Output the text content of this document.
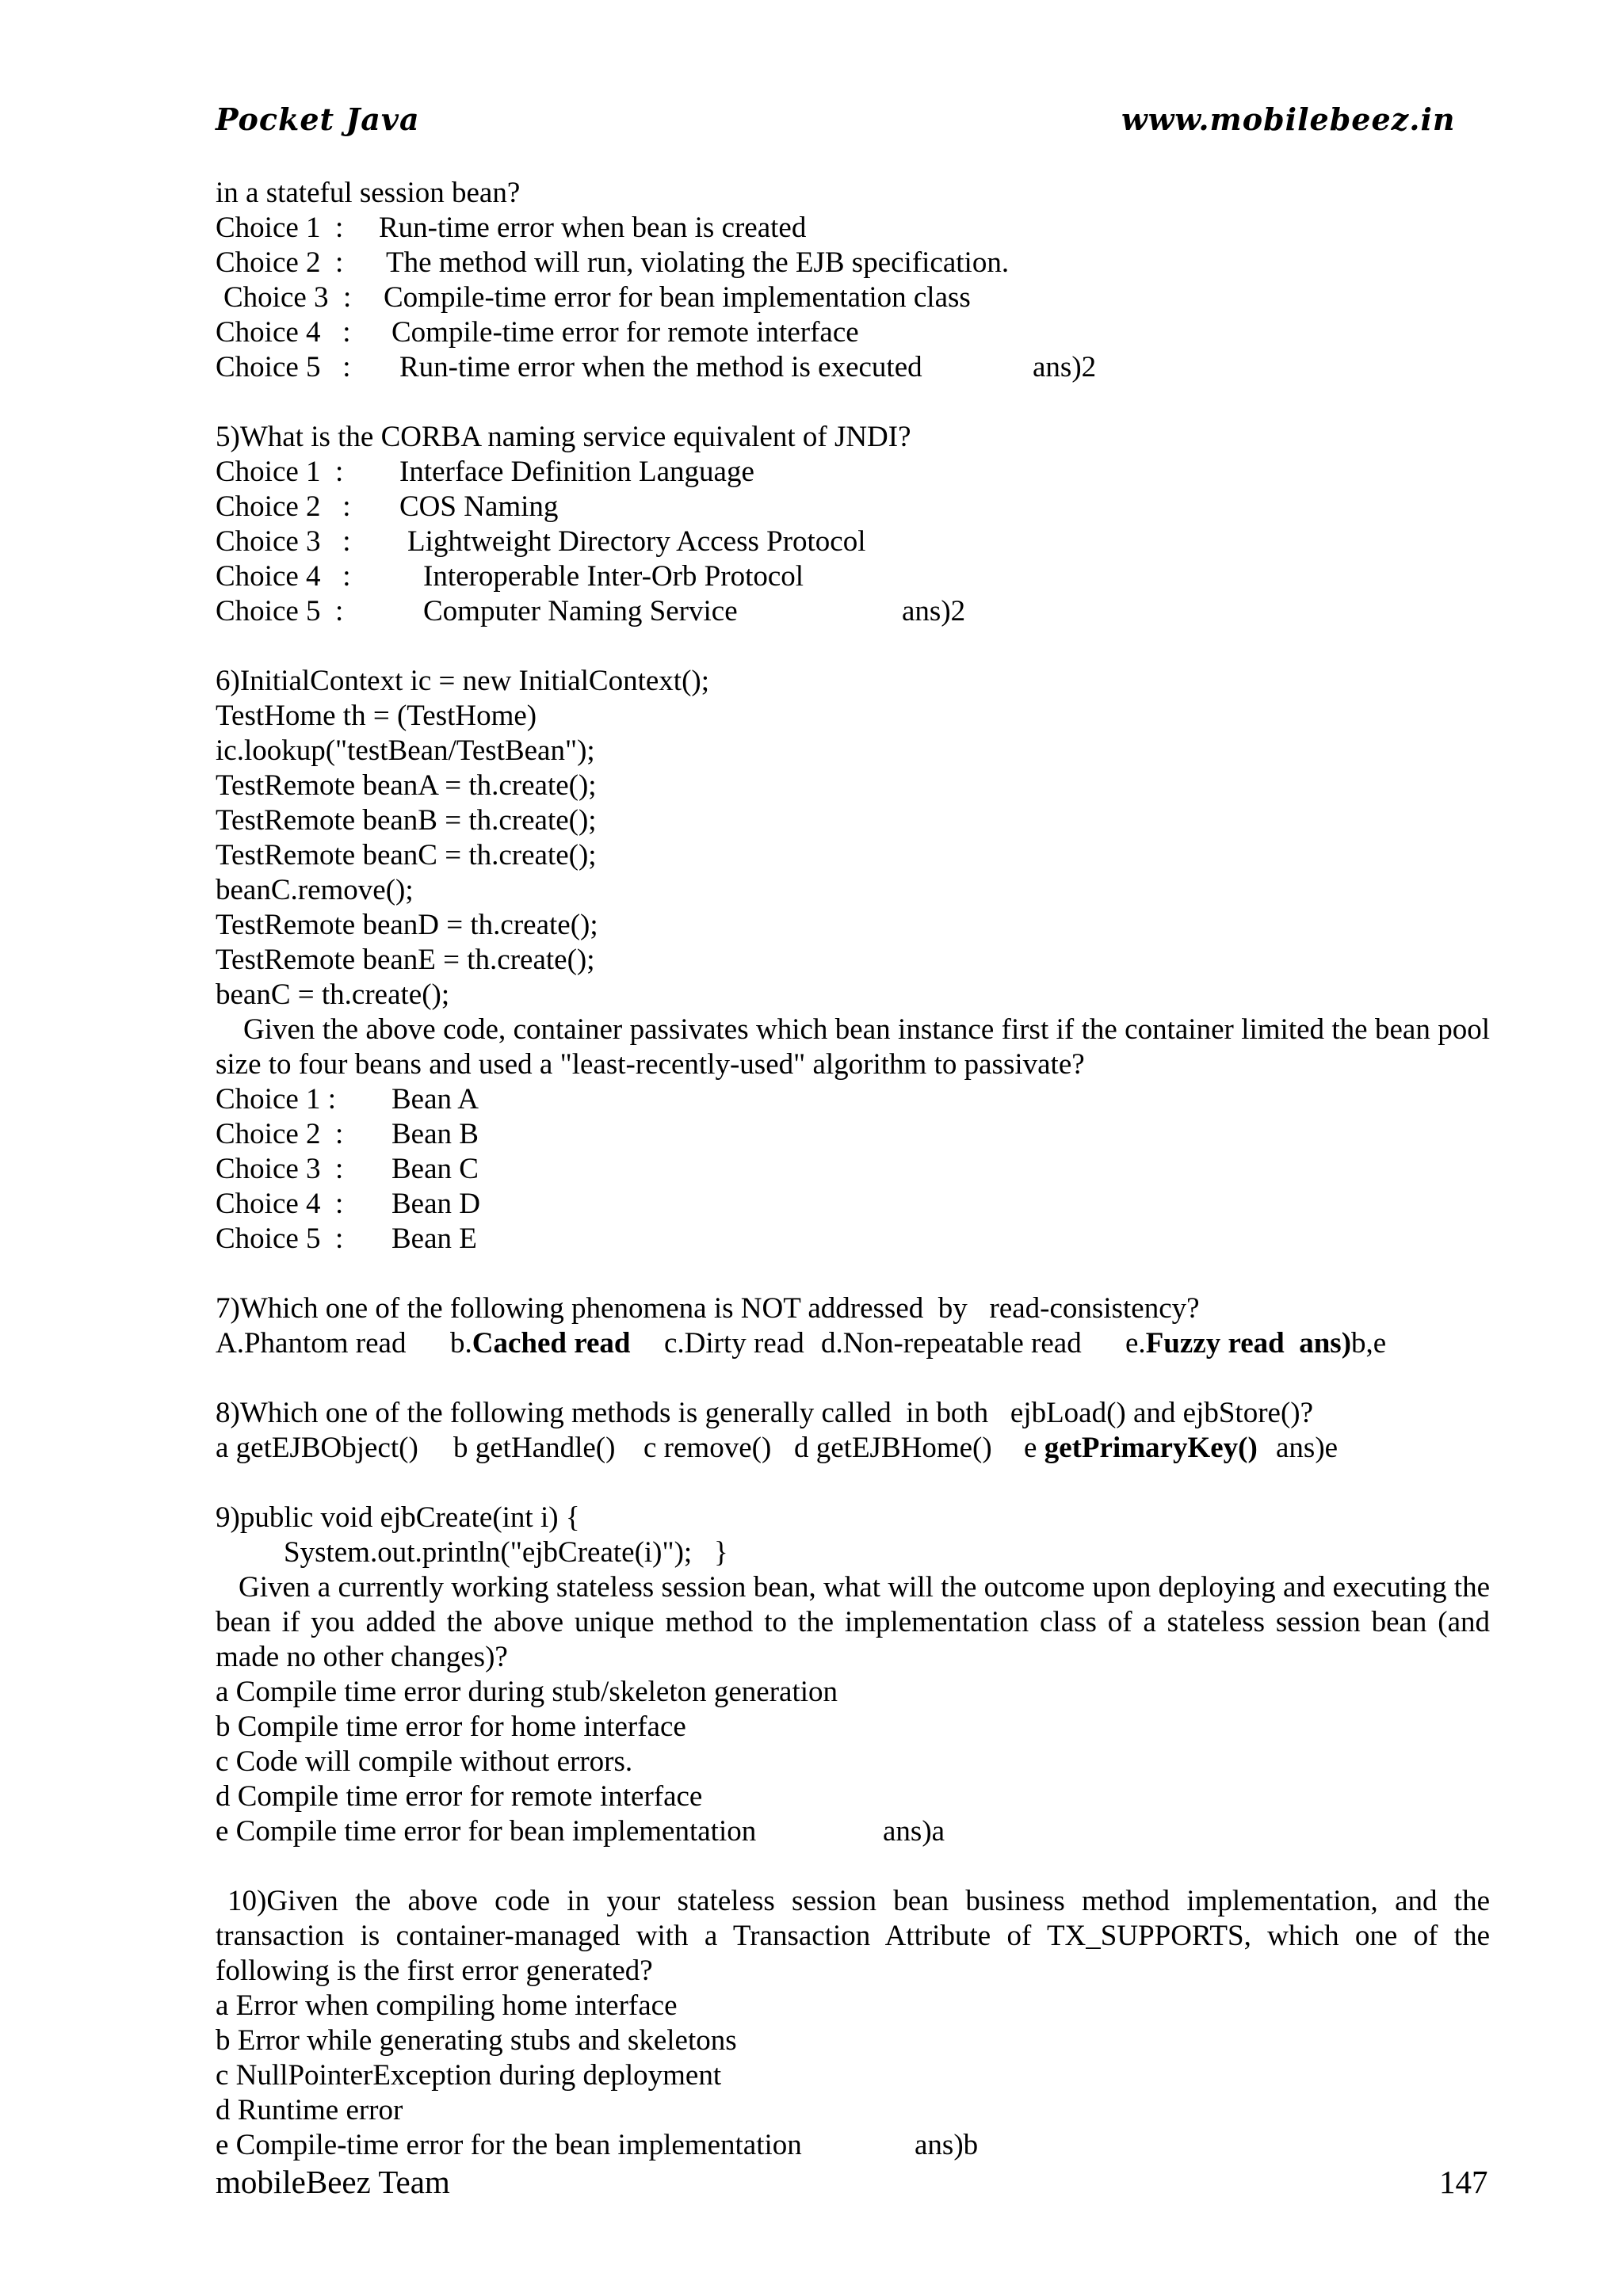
Pocket Java	www.mobilebeez.in
in a stateful session bean?
Choice 1  : Run-time error when bean is created
Choice 2  : The method will run, violating the EJB specification.
Choice 3  : Compile-time error for bean implementation class
Choice 4   : Compile-time error for remote interface
Choice 5   : Run-time error when the method is executed	ans)2
5)What is the CORBA naming service equivalent of JNDI?
Choice 1  : Interface Definition Language
Choice 2   : COS Naming
Choice 3   : Lightweight Directory Access Protocol
Choice 4   : Interoperable Inter-Orb Protocol
Choice 5  :	Computer Naming Service	ans)2
6)InitialContext ic = new InitialContext();
TestHome th = (TestHome)
ic.lookup("testBean/TestBean");
TestRemote beanA = th.create();
TestRemote beanB = th.create();
TestRemote beanC = th.create();
beanC.remove();
TestRemote beanD = th.create();
TestRemote beanE = th.create();
beanC = th.create();
Given the above code, container passivates which bean instance first if the container limited the bean pool size to four beans and used a "least-recently-used" algorithm to passivate?
Choice 1 : Bean A
Choice 2  : Bean B
Choice 3  : Bean C
Choice 4  : Bean D
Choice 5  : Bean E
7)Which one of the following phenomena is NOT addressed  by   read-consistency?
A.Phantom read b.Cached read c.Dirty read d.Non-repeatable read e.Fuzzy read  ans)b,e
8)Which one of the following methods is generally called  in both   ejbLoad() and ejbStore()?
a getEJBObject() b getHandle() c remove() d getEJBHome() e getPrimaryKey() ans)e
9)public void ejbCreate(int i) {
System.out.println("ejbCreate(i)");   }
Given a currently working stateless session bean, what will the outcome upon deploying and executing the bean if you added the above unique method to the implementation class of a stateless session bean (and made no other changes)?
a Compile time error during stub/skeleton generation
b Compile time error for home interface
c Code will compile without errors.
d Compile time error for remote interface
e Compile time error for bean implementation	ans)a
10)Given the above code in your stateless session bean business method implementation, and the transaction is container-managed with a Transaction Attribute of TX_SUPPORTS, which one of the following is the first error generated?
a Error when compiling home interface
b Error while generating stubs and skeletons
c NullPointerException during deployment
d Runtime error
e Compile-time error for the bean implementation	ans)b
mobileBeez Team	147
